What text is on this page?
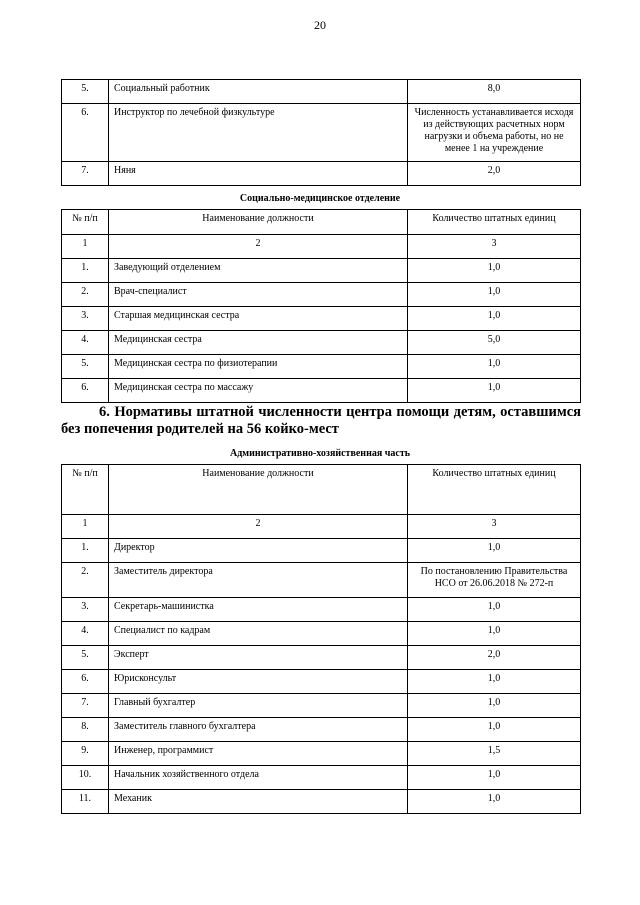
20
5.	Социальный работник	8,0
6.	Инструктор по лечебной физкультуре	Численность устанавливается исходя из действующих расчетных норм нагрузки и объема работы, но не менее 1 на учреждение
7.	Няня	2,0
Социально-медицинское отделение
№ п/п	Наименование должности	Количество штатных единиц
1	2	3
1.	Заведующий отделением	1,0
2.	Врач-специалист	1,0
3.	Старшая медицинская сестра	1,0
4.	Медицинская сестра	5,0
5.	Медицинская сестра по физиотерапии	1,0
6.	Медицинская сестра по массажу	1,0
6. Нормативы штатной численности центра помощи детям, оставшимся
без попечения родителей на 56 койко-мест
Административно-хозяйственная часть
№ п/п	Наименование должности	Количество штатных единиц
1	2	3
1.	Директор	1,0
2.	Заместитель директора	По постановлению Правительства НСО от 26.06.2018 № 272-п
3.	Секретарь-машинистка	1,0
4.	Специалист по кадрам	1,0
5.	Эксперт	2,0
6.	Юрисконсульт	1,0
7.	Главный бухгалтер	1,0
8.	Заместитель главного бухгалтера	1,0
9.	Инженер, программист	1,5
10.	Начальник хозяйственного отдела	1,0
11.	Механик	1,0
